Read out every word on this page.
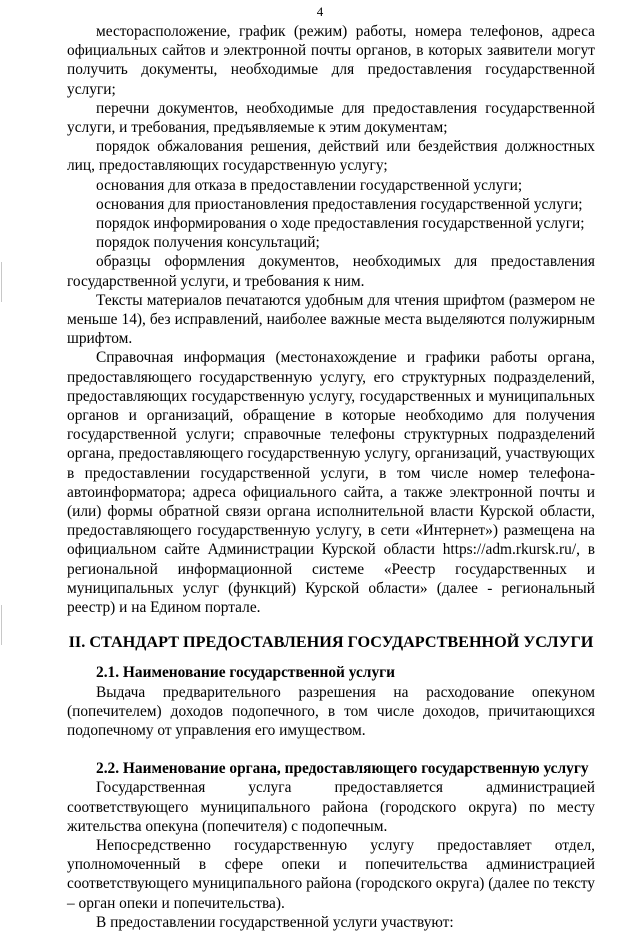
4

месторасположение, график (режим) работы, номера телефонов, адреса официальных сайтов и электронной почты органов, в которых заявители могут получить документы, необходимые для предоставления государственной услуги;

перечни документов, необходимые для предоставления государственной услуги, и требования, предъявляемые к этим документам;

порядок обжалования решения, действий или бездействия должностных лиц, предоставляющих государственную услугу;

основания для отказа в предоставлении государственной услуги;

основания для приостановления предоставления государственной услуги;

порядок информирования о ходе предоставления государственной услуги;

порядок получения консультаций;

образцы оформления документов, необходимых для предоставления государственной услуги, и требования к ним.

Тексты материалов печатаются удобным для чтения шрифтом (размером не меньше 14), без исправлений, наиболее важные места выделяются полужирным шрифтом.

Справочная информация (местонахождение и графики работы органа, предоставляющего государственную услугу, его структурных подразделений, предоставляющих государственную услугу, государственных и муниципальных органов и организаций, обращение в которые необходимо для получения государственной услуги; справочные телефоны структурных подразделений органа, предоставляющего государственную услугу, организаций, участвующих в предоставлении государственной услуги, в том числе номер телефона-автоинформатора; адреса официального сайта, а также электронной почты и (или) формы обратной связи органа исполнительной власти Курской области, предоставляющего государственную услугу, в сети «Интернет») размещена на официальном сайте Администрации Курской области https://adm.rkursk.ru/, в региональной информационной системе «Реестр государственных и муниципальных услуг (функций) Курской области» (далее - региональный реестр) и на Едином портале.

II. СТАНДАРТ ПРЕДОСТАВЛЕНИЯ ГОСУДАРСТВЕННОЙ УСЛУГИ
2.1. Наименование государственной услуги

Выдача предварительного разрешения на расходование опекуном (попечителем) доходов подопечного, в том числе доходов, причитающихся подопечному от управления его имуществом.

2.2. Наименование органа, предоставляющего государственную услугу

Государственная услуга предоставляется администрацией соответствующего муниципального района (городского округа) по месту жительства опекуна (попечителя) с подопечным.

Непосредственно государственную услугу предоставляет отдел, уполномоченный в сфере опеки и попечительства администрацией соответствующего муниципального района (городского округа) (далее по тексту – орган опеки и попечительства).

В предоставлении государственной услуги участвуют:
